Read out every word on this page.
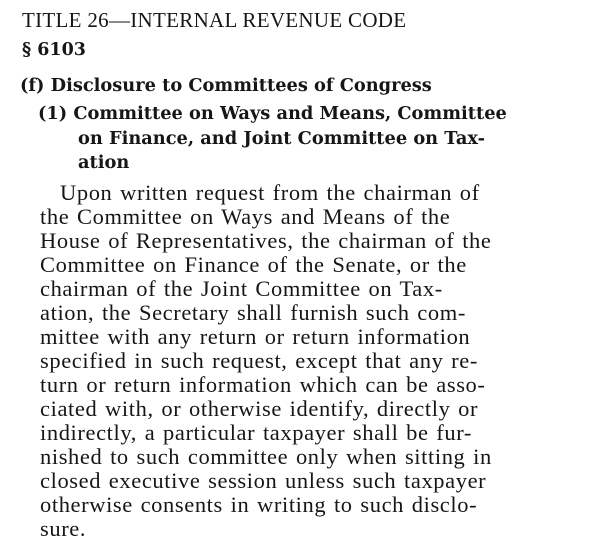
TITLE 26—INTERNAL REVENUE CODE
§ 6103
(f) Disclosure to Committees of Congress
(1) Committee on Ways and Means, Committee
on Finance, and Joint Committee on Tax-
ation
Upon written request from the chairman of
the Committee on Ways and Means of the
House of Representatives, the chairman of the
Committee on Finance of the Senate, or the
chairman of the Joint Committee on Tax-
ation, the Secretary shall furnish such com-
mittee with any return or return information
specified in such request, except that any re-
turn or return information which can be asso-
ciated with, or otherwise identify, directly or
indirectly, a particular taxpayer shall be fur-
nished to such committee only when sitting in
closed executive session unless such taxpayer
otherwise consents in writing to such disclo-
sure.
